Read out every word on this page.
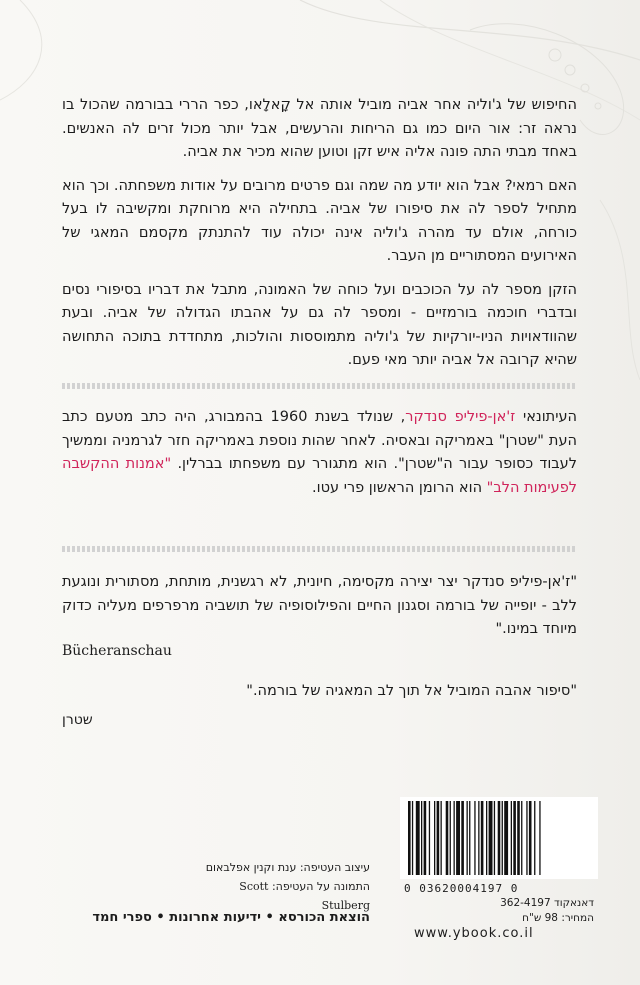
החיפוש של ג'וליה אחר אביה מוביל אותה אל קָאלָאו, כפר הררי בבורמה שהכול בו נראה זר: אור היום כמו גם הריחות והרעשים, אבל יותר מכול זרים לה האנשים. באחד מבתי התה פונה אליה איש זקן וטוען שהוא מכיר את אביה.

האם רמאי? אבל הוא יודע מה שמה וגם פרטים מרובים על אודות משפחתה. וכך הוא מתחיל לספר לה את סיפורו של אביה. בתחילה היא מרוחקת ומקשיבה לו בעל כורחה, אולם עד מהרה ג'וליה אינה יכולה עוד להתנתק מקסמם המאגי של האירועים המסתוריים מן העבר.

הזקן מספר לה על הכוכבים ועל כוחה של האמונה, מתבל את דבריו בסיפורי נסים ובדברי חוכמה בורמזיים - ומספר לה גם על אהבתו הגדולה של אביה. ובעת שהוודאויות הניו-יורקיות של ג'וליה מתמוססות והולכות, מתחדדת בתוכה התחושה שהיא קרובה אל אביה יותר מאי פעם.

העיתונאי ז'אן-פיליפ סנדקר, שנולד בשנת 1960 בהמבורג, היה כתב מטעם כתב העת "שטרן" באמריקה ובאסיה. לאחר שהות נוספת באמריקה חזר לגרמניה וממשיך לעבוד כסופר עבור ה"שטרן". הוא מתגורר עם משפחתו בברלין. "אמנות ההקשבה לפעימות הלב" הוא הרומן הראשון פרי עטו.

"ז'אן-פיליפ סנדקר יצר יצירה מקסימה, חיונית, לא רגשנית, מותחת, מסתורית ונוגעת ללב - יופייה של בורמה וסגנון החיים והפילוסופיה של תושביה מרפרפים מעליה כדוק מיוחד במינו."

Bücheranschau

"סיפור אהבה המוביל אל תוך לב המאגיה של בורמה."

שטרן
0 03620004197 0
דאנאקוד 362-4197
המחיר: 98 ש"ח
עיצוב העטיפה: ענת וקנין אפלבאום
התמונה על העטיפה: Scott Stulberg
הוצאת הכורסא • ידיעות אחרונות • ספרי חמד
www.ybook.co.il
